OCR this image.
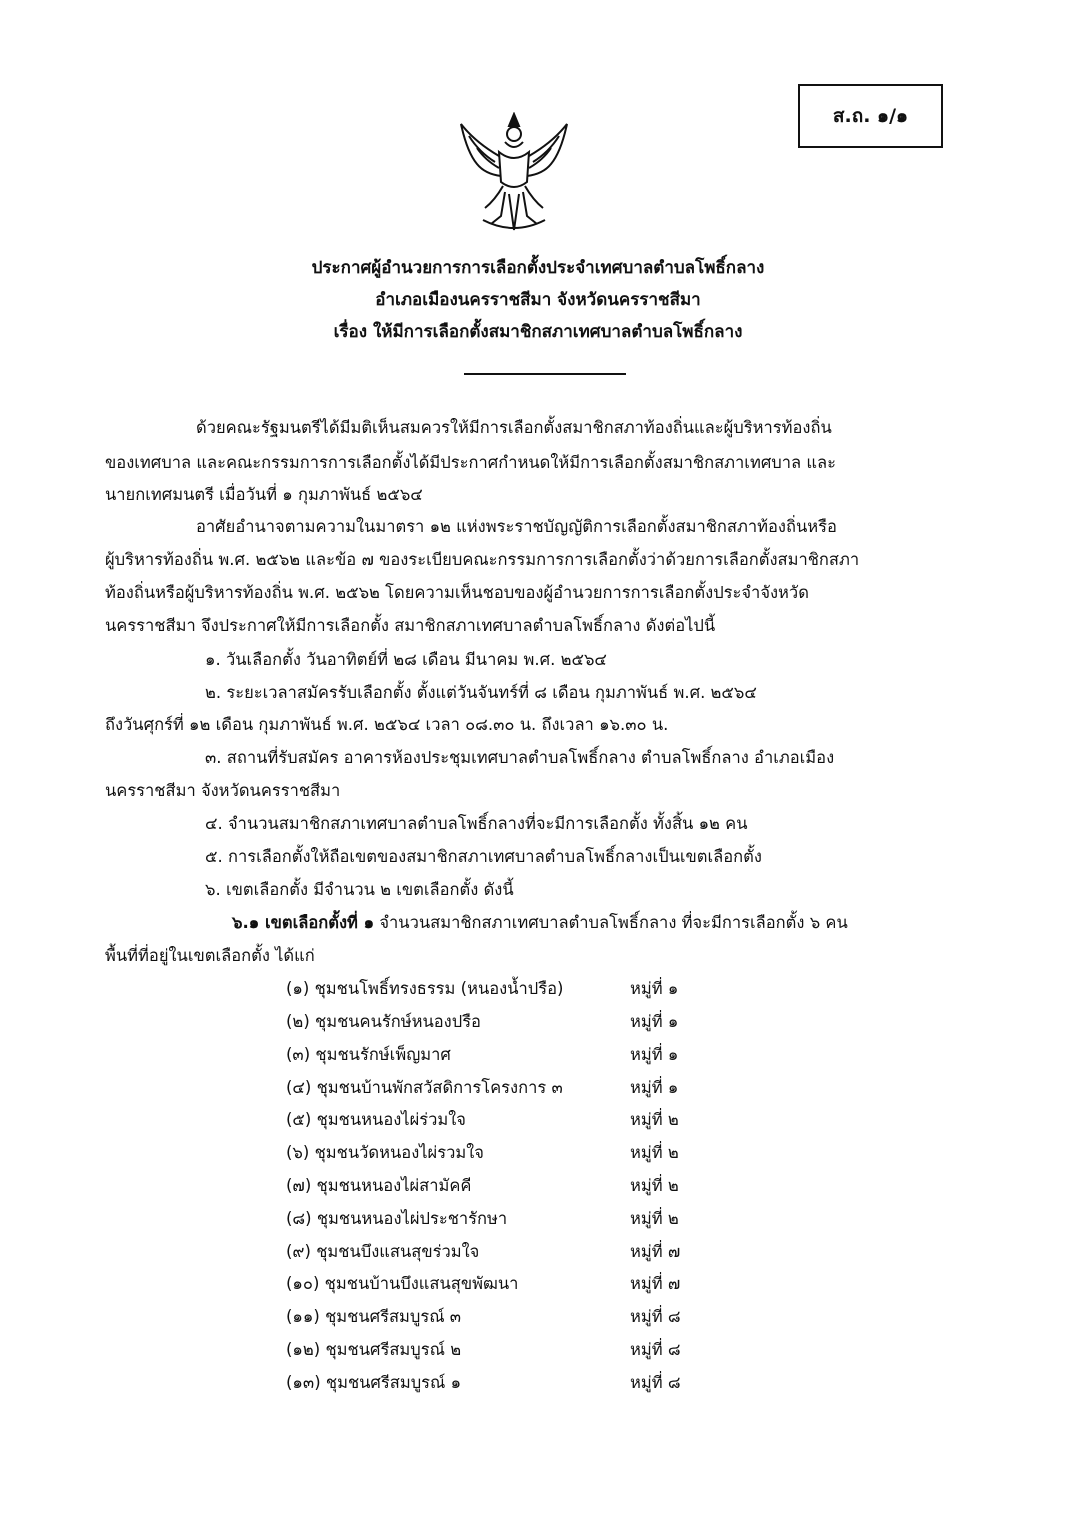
ส.ถ. ๑/๑
ประกาศผู้อำนวยการการเลือกตั้งประจำเทศบาลตำบลโพธิ์กลาง
อำเภอเมืองนครราชสีมา จังหวัดนครราชสีมา
เรื่อง ให้มีการเลือกตั้งสมาชิกสภาเทศบาลตำบลโพธิ์กลาง
ด้วยคณะรัฐมนตรีได้มีมติเห็นสมควรให้มีการเลือกตั้งสมาชิกสภาท้องถิ่นและผู้บริหารท้องถิ่น
ของเทศบาล และคณะกรรมการการเลือกตั้งได้มีประกาศกำหนดให้มีการเลือกตั้งสมาชิกสภาเทศบาล และ
นายกเทศมนตรี เมื่อวันที่ ๑ กุมภาพันธ์ ๒๕๖๔
อาศัยอำนาจตามความในมาตรา ๑๒ แห่งพระราชบัญญัติการเลือกตั้งสมาชิกสภาท้องถิ่นหรือ
ผู้บริหารท้องถิ่น พ.ศ. ๒๕๖๒ และข้อ ๗ ของระเบียบคณะกรรมการการเลือกตั้งว่าด้วยการเลือกตั้งสมาชิกสภา
ท้องถิ่นหรือผู้บริหารท้องถิ่น พ.ศ. ๒๕๖๒ โดยความเห็นชอบของผู้อำนวยการการเลือกตั้งประจำจังหวัด
นครราชสีมา จึงประกาศให้มีการเลือกตั้ง สมาชิกสภาเทศบาลตำบลโพธิ์กลาง ดังต่อไปนี้
๑. วันเลือกตั้ง วันอาทิตย์ที่ ๒๘ เดือน มีนาคม พ.ศ. ๒๕๖๔
๒. ระยะเวลาสมัครรับเลือกตั้ง ตั้งแต่วันจันทร์ที่ ๘ เดือน กุมภาพันธ์ พ.ศ. ๒๕๖๔
ถึงวันศุกร์ที่ ๑๒ เดือน กุมภาพันธ์ พ.ศ. ๒๕๖๔ เวลา ๐๘.๓๐ น. ถึงเวลา ๑๖.๓๐ น.
๓. สถานที่รับสมัคร อาคารห้องประชุมเทศบาลตำบลโพธิ์กลาง ตำบลโพธิ์กลาง อำเภอเมือง
นครราชสีมา จังหวัดนครราชสีมา
๔. จำนวนสมาชิกสภาเทศบาลตำบลโพธิ์กลางที่จะมีการเลือกตั้ง ทั้งสิ้น ๑๒ คน
๕. การเลือกตั้งให้ถือเขตของสมาชิกสภาเทศบาลตำบลโพธิ์กลางเป็นเขตเลือกตั้ง
๖. เขตเลือกตั้ง มีจำนวน ๒ เขตเลือกตั้ง ดังนี้
๖.๑ เขตเลือกตั้งที่ ๑ จำนวนสมาชิกสภาเทศบาลตำบลโพธิ์กลาง ที่จะมีการเลือกตั้ง ๖ คน
พื้นที่ที่อยู่ในเขตเลือกตั้ง ได้แก่
(๑) ชุมชนโพธิ์ทรงธรรม (หนองน้ำปรือ)	หมู่ที่ ๑
(๒) ชุมชนคนรักษ์หนองปรือ	หมู่ที่ ๑
(๓) ชุมชนรักษ์เพ็ญมาศ	หมู่ที่ ๑
(๔) ชุมชนบ้านพักสวัสดิการโครงการ ๓	หมู่ที่ ๑
(๕) ชุมชนหนองไผ่ร่วมใจ	หมู่ที่ ๒
(๖) ชุมชนวัดหนองไผ่รวมใจ	หมู่ที่ ๒
(๗) ชุมชนหนองไผ่สามัคคี	หมู่ที่ ๒
(๘) ชุมชนหนองไผ่ประชารักษา	หมู่ที่ ๒
(๙) ชุมชนบึงแสนสุขร่วมใจ	หมู่ที่ ๗
(๑๐) ชุมชนบ้านบึงแสนสุขพัฒนา	หมู่ที่ ๗
(๑๑) ชุมชนศรีสมบูรณ์ ๓	หมู่ที่ ๘
(๑๒) ชุมชนศรีสมบูรณ์ ๒	หมู่ที่ ๘
(๑๓) ชุมชนศรีสมบูรณ์ ๑	หมู่ที่ ๘
